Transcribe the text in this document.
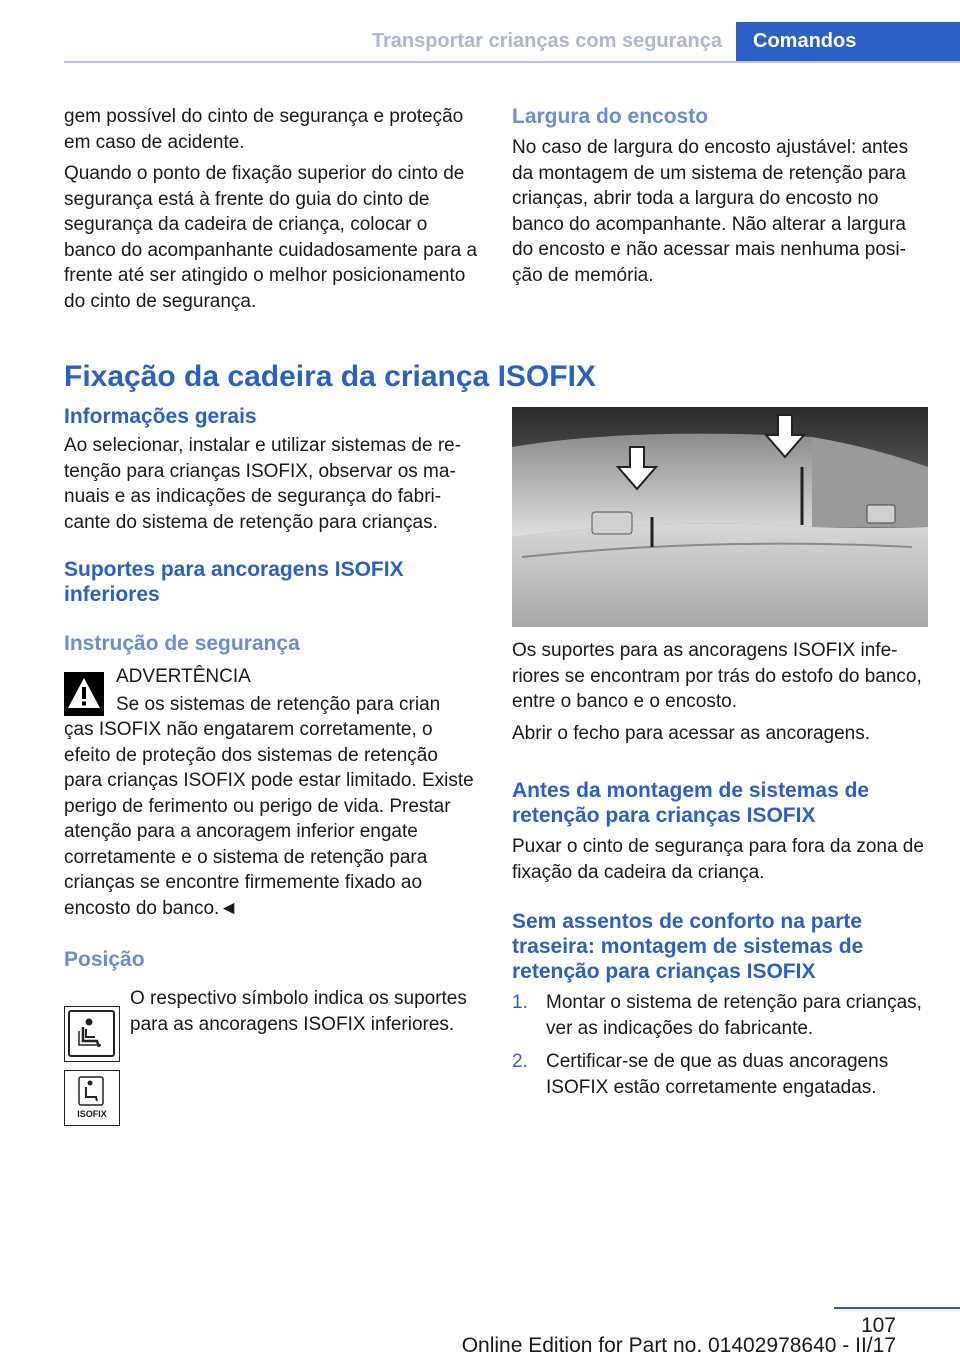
Transportar crianças com segurança	Comandos

gem possível do cinto de segurança e proteção em caso de acidente.

Quando o ponto de fixação superior do cinto de segurança está à frente do guia do cinto de segurança da cadeira de criança, colocar o banco do acompanhante cuidadosamente para a frente até ser atingido o melhor posicionamento do cinto de segurança.

Largura do encosto

No caso de largura do encosto ajustável: antes da montagem de um sistema de retenção para crianças, abrir toda a largura do encosto no banco do acompanhante. Não alterar a largura do encosto e não acessar mais nenhuma posição de memória.

Fixação da cadeira da criança ISOFIX
Informações gerais

Ao selecionar, instalar e utilizar sistemas de retenção para crianças ISOFIX, observar os manuais e as indicações de segurança do fabricante do sistema de retenção para crianças.

Suportes para ancoragens ISOFIX inferiores
Instrução de segurança

ADVERTÊNCIA

Se os sistemas de retenção para crian

ças ISOFIX não engatarem corretamente, o efeito de proteção dos sistemas de retenção para crianças ISOFIX pode estar limitado. Existe perigo de ferimento ou perigo de vida. Prestar atenção para a ancoragem inferior engate corretamente e o sistema de retenção para crianças se encontre firmemente fixado ao encosto do banco.◄

Posição

O respectivo símbolo indica os suportes para as ancoragens ISOFIX inferiores.

ISOFIX

Os suportes para as ancoragens ISOFIX inferiores se encontram por trás do estofo do banco, entre o banco e o encosto.

Abrir o fecho para acessar as ancoragens.

Antes da montagem de sistemas de retenção para crianças ISOFIX

Puxar o cinto de segurança para fora da zona de fixação da cadeira da criança.

Sem assentos de conforto na parte traseira: montagem de sistemas de retenção para crianças ISOFIX
1. Montar o sistema de retenção para crianças, ver as indicações do fabricante.
2. Certificar-se de que as duas ancoragens ISOFIX estão corretamente engatadas.
107
Online Edition for Part no. 01402978640 - II/17
